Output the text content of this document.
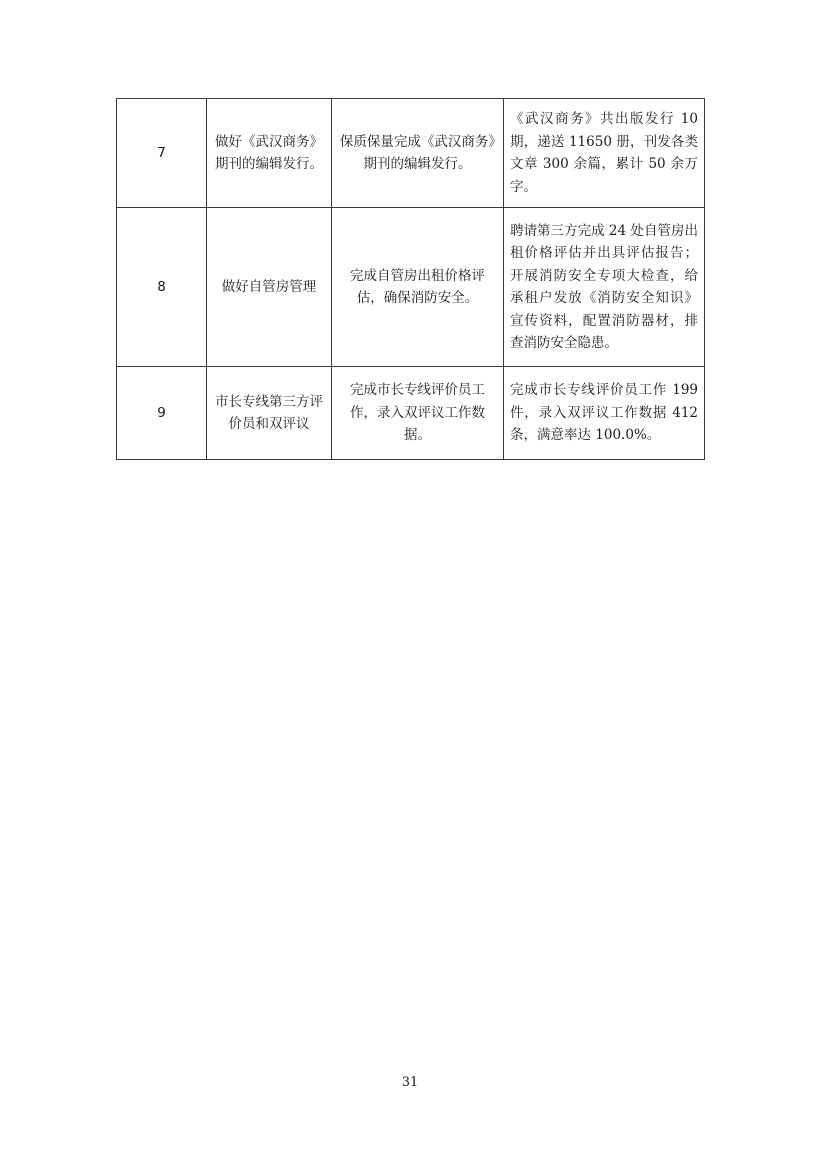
7	做好《武汉商务》期刊的编辑发行。	保质保量完成《武汉商务》期刊的编辑发行。	《武汉商务》共出版发行 10 期，递送 11650 册，刊发各类文章 300 余篇，累计 50 余万字。
8	做好自管房管理	完成自管房出租价格评估，确保消防安全。	聘请第三方完成 24 处自管房出租价格评估并出具评估报告；开展消防安全专项大检查，给承租户发放《消防安全知识》宣传资料，配置消防器材，排查消防安全隐患。
9	市长专线第三方评价员和双评议	完成市长专线评价员工作，录入双评议工作数据。	完成市长专线评价员工作 199 件，录入双评议工作数据 412 条，满意率达 100.0%。
31
